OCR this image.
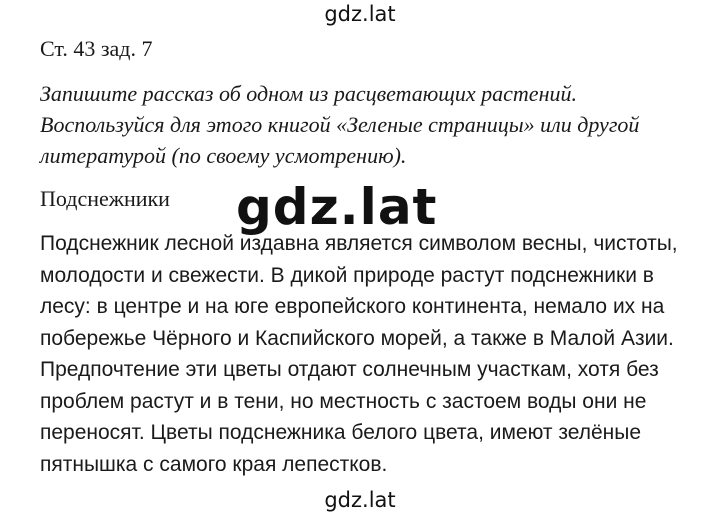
gdz.lat
Ст. 43 зад. 7

Запишите рассказ об одном из расцветающих растений.
Воспользуйся для этого книгой «Зеленые страницы» или другой
литературой (по своему усмотрению).

Подснежники gdz.lat

Подснежник лесной издавна является символом весны, чистоты,
молодости и свежести. В дикой природе растут подснежники в
лесу: в центре и на юге европейского континента, немало их на
побережье Чёрного и Каспийского морей, а также в Малой Азии.
Предпочтение эти цветы отдают солнечным участкам, хотя без
проблем растут и в тени, но местность с застоем воды они не
переносят. Цветы подснежника белого цвета, имеют зелёные
пятнышка с самого края лепестков.

gdz.lat
